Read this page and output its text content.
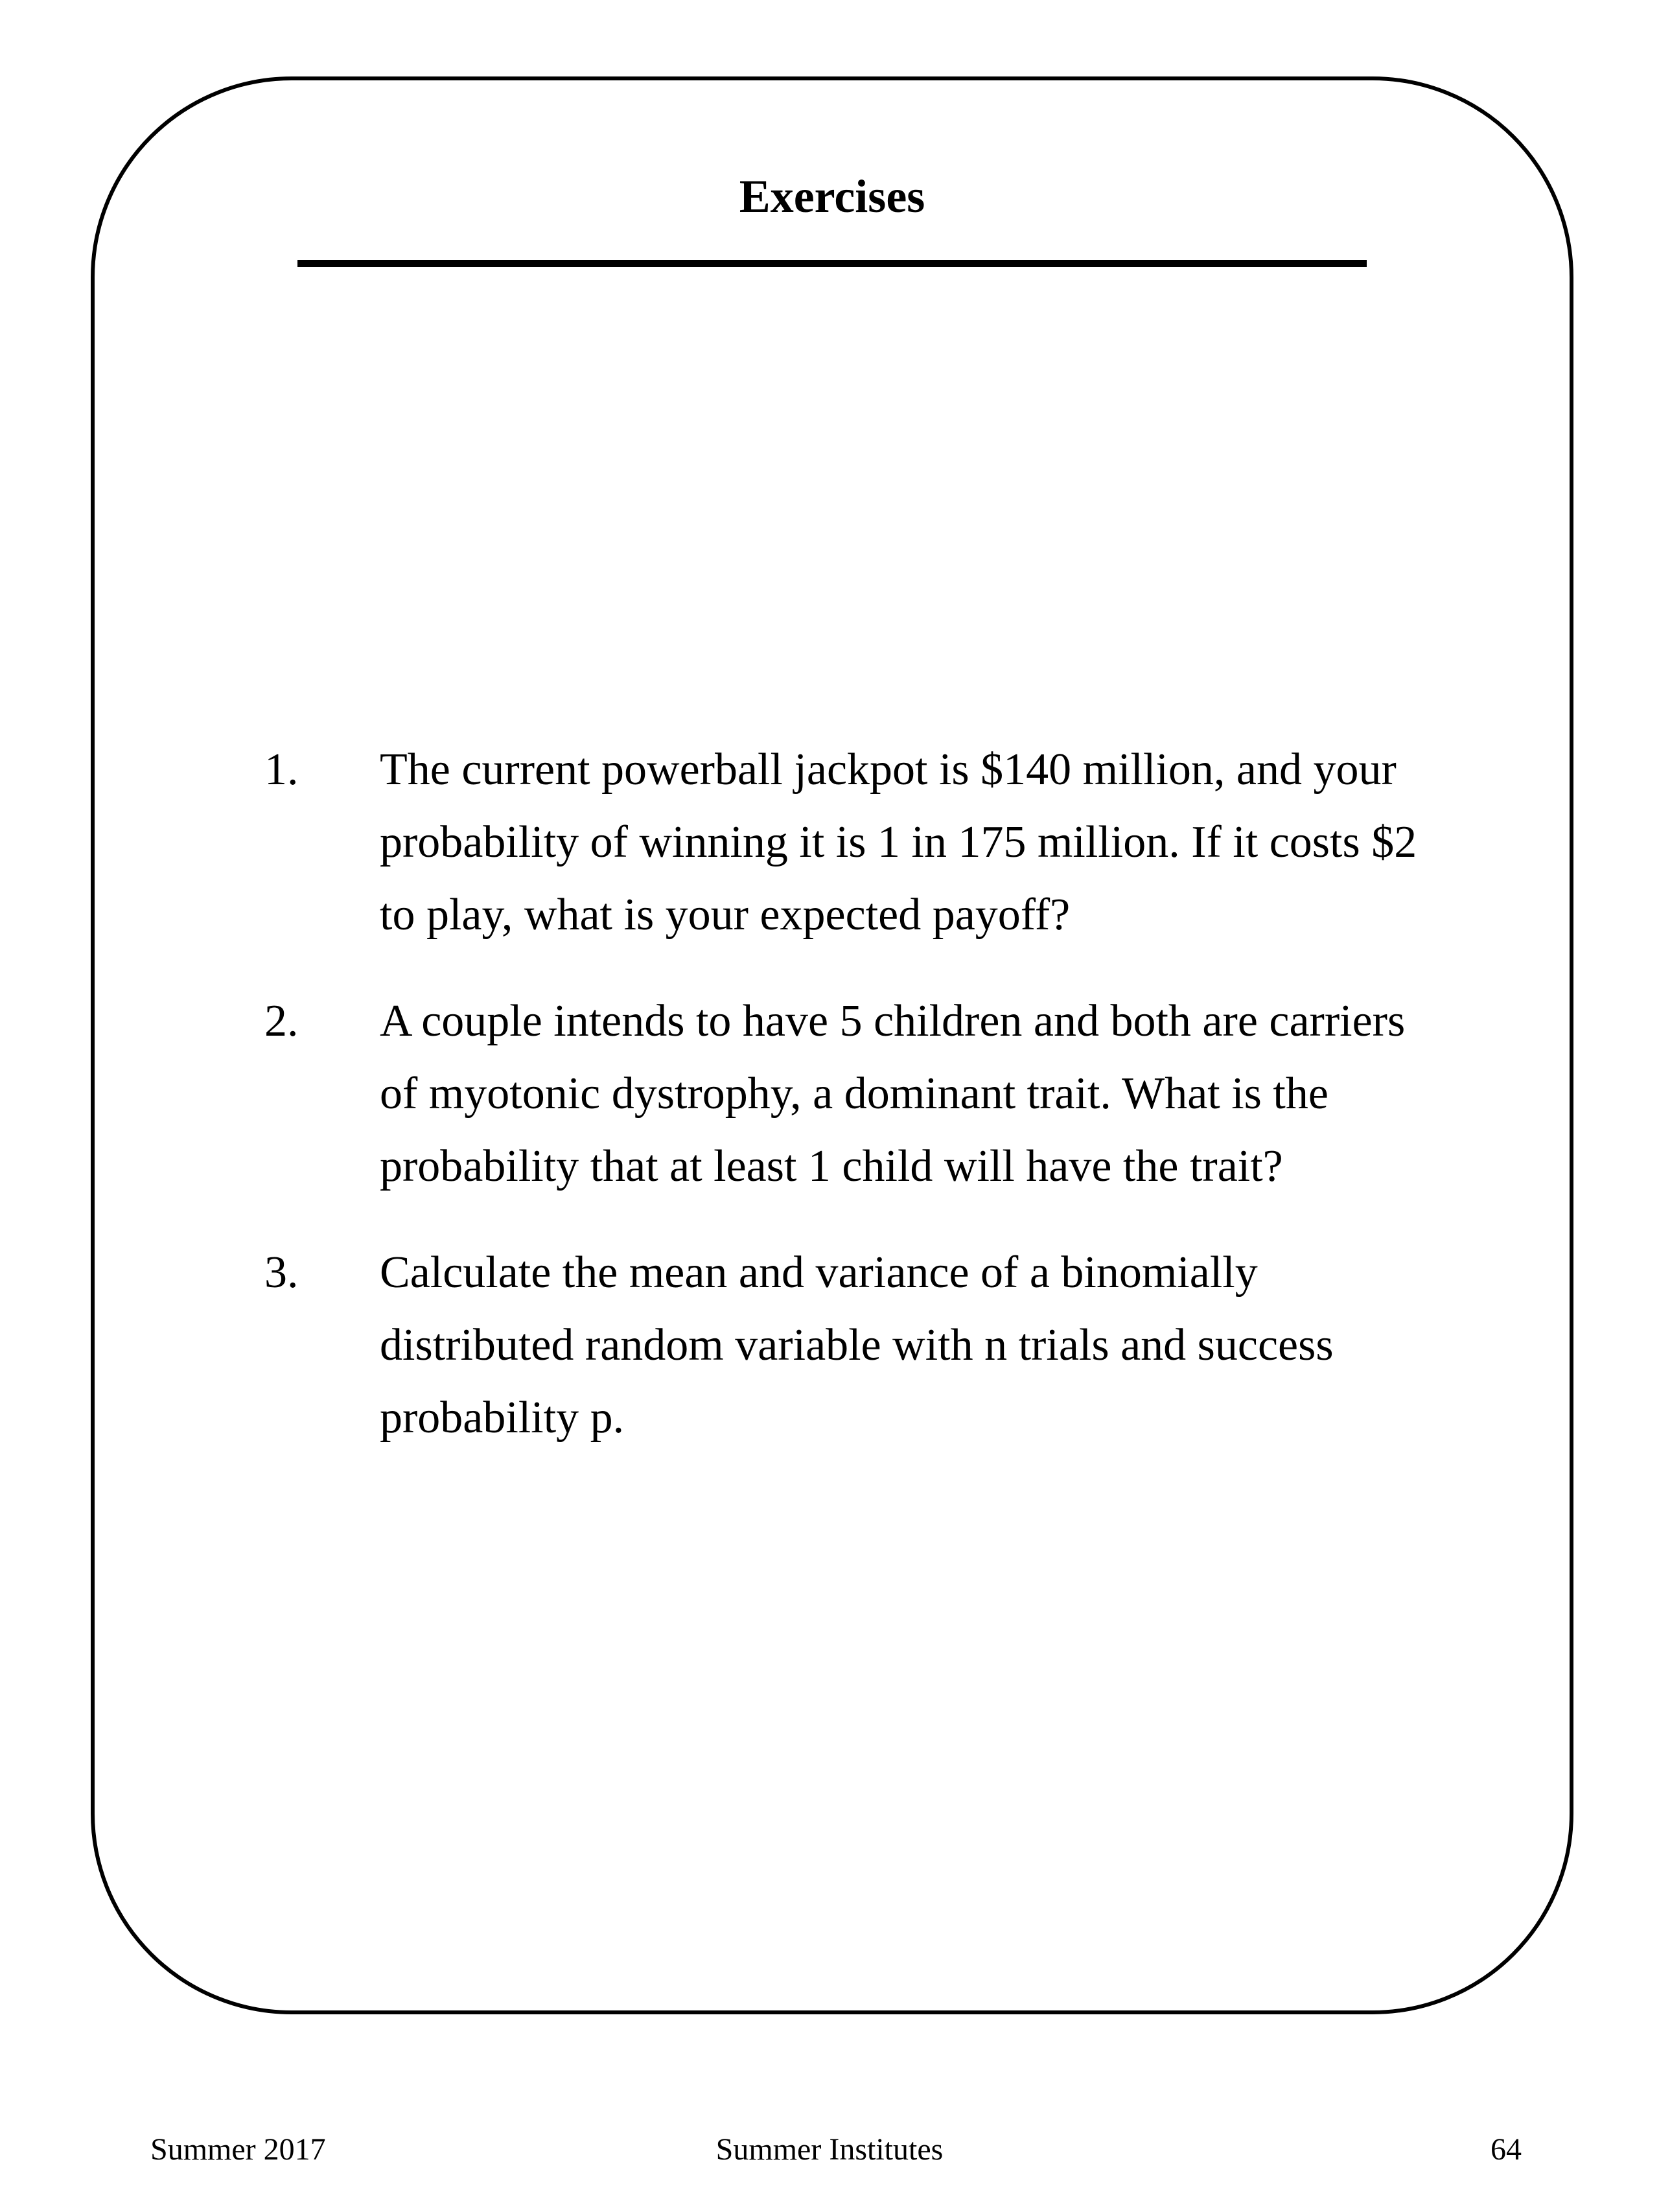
Exercises
1.	The current powerball jackpot is $140 million, and your probability of winning it is 1 in 175 million. If it costs $2 to play, what is your expected payoff?
2.	A couple intends to have 5 children and both are carriers of myotonic dystrophy, a dominant trait. What is the probability that at least 1 child will have the trait?
3.	Calculate the mean and variance of a binomially distributed random variable with n trials and success probability p.
Summer 2017	Summer Institutes	64
